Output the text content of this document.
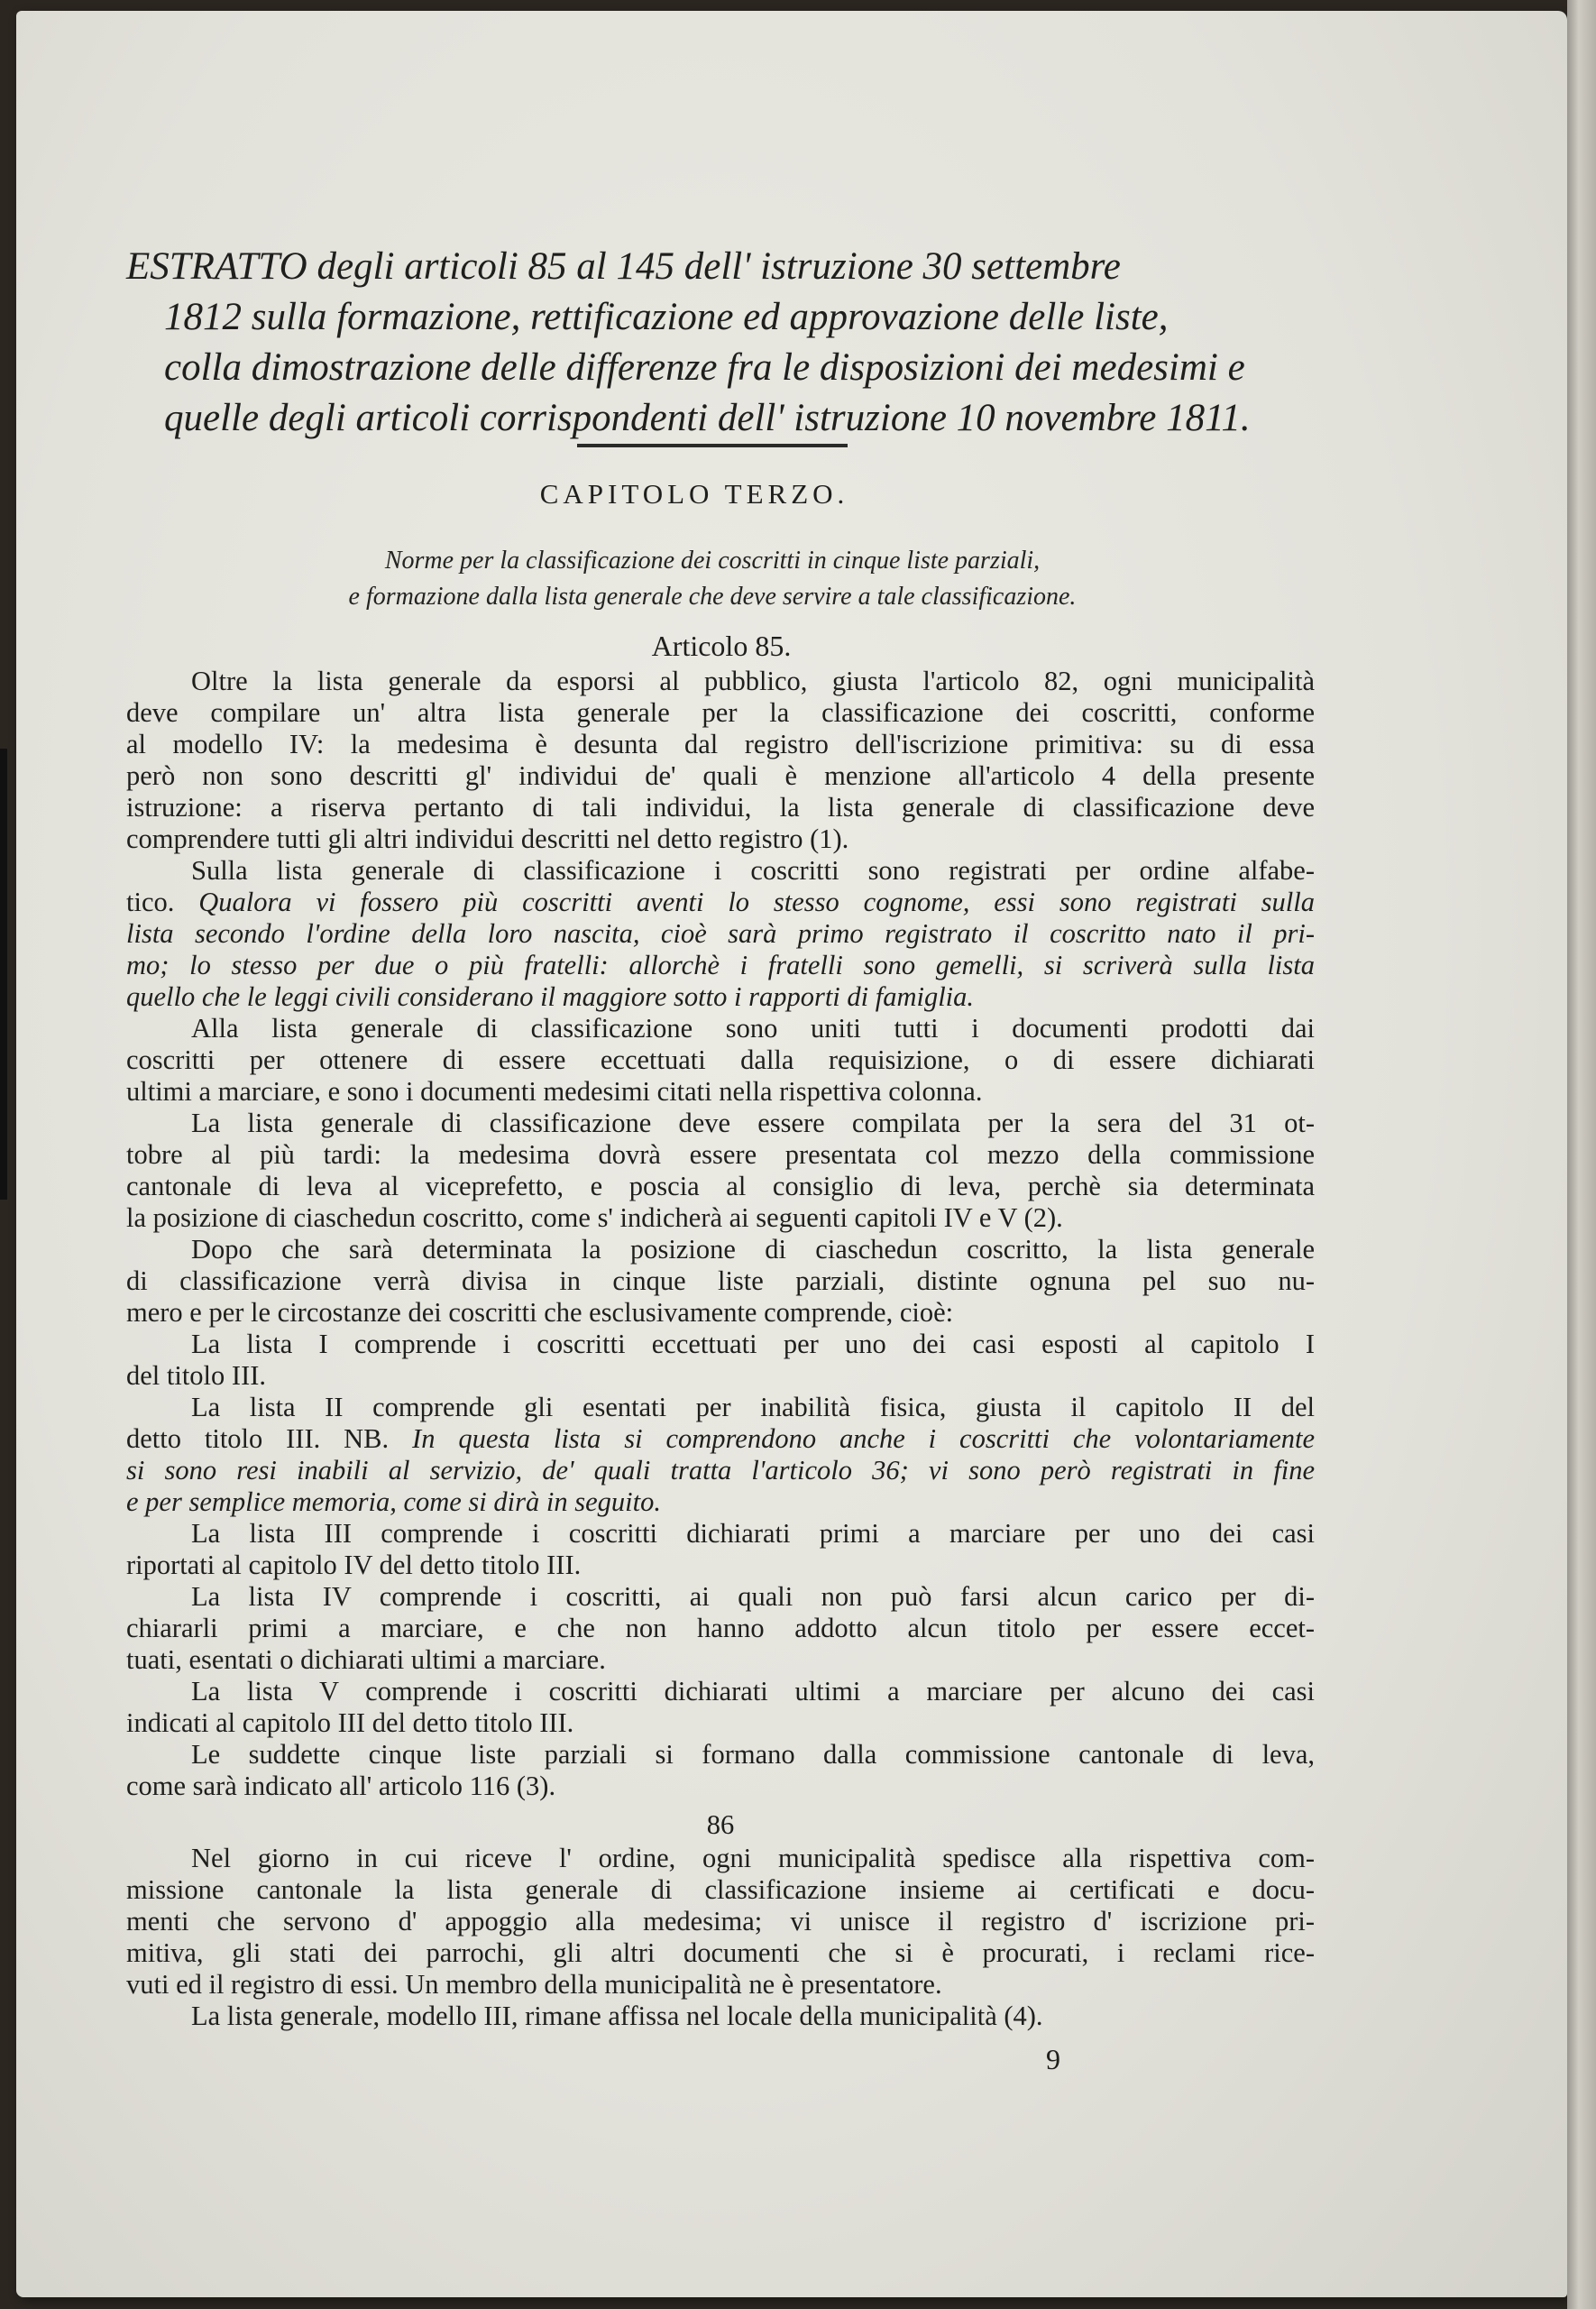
ESTRATTO degli articoli 85 al 145 dell' istruzione 30 settembre
1812 sulla formazione, rettificazione ed approvazione delle liste,
colla dimostrazione delle differenze fra le disposizioni dei medesimi e
quelle degli articoli corrispondenti dell' istruzione 10 novembre 1811.
CAPITOLO TERZO.
Norme per la classificazione dei coscritti in cinque liste parziali,
e formazione dalla lista generale che deve servire a tale classificazione.
Articolo 85.
Oltre la lista generale da esporsi al pubblico, giusta l'articolo 82, ogni municipalità
deve compilare un' altra lista generale per la classificazione dei coscritti, conforme
al modello IV: la medesima è desunta dal registro dell'iscrizione primitiva: su di essa
però non sono descritti gl' individui de' quali è menzione all'articolo 4 della presente
istruzione: a riserva pertanto di tali individui, la lista generale di classificazione deve
comprendere tutti gli altri individui descritti nel detto registro (1).
Sulla lista generale di classificazione i coscritti sono registrati per ordine alfabe-
tico. Qualora vi fossero più coscritti aventi lo stesso cognome, essi sono registrati sulla
lista secondo l'ordine della loro nascita, cioè sarà primo registrato il coscritto nato il pri-
mo; lo stesso per due o più fratelli: allorchè i fratelli sono gemelli, si scriverà sulla lista
quello che le leggi civili considerano il maggiore sotto i rapporti di famiglia.
Alla lista generale di classificazione sono uniti tutti i documenti prodotti dai
coscritti per ottenere di essere eccettuati dalla requisizione, o di essere dichiarati
ultimi a marciare, e sono i documenti medesimi citati nella rispettiva colonna.
La lista generale di classificazione deve essere compilata per la sera del 31 ot-
tobre al più tardi: la medesima dovrà essere presentata col mezzo della commissione
cantonale di leva al viceprefetto, e poscia al consiglio di leva, perchè sia determinata
la posizione di ciaschedun coscritto, come s' indicherà ai seguenti capitoli IV e V (2).
Dopo che sarà determinata la posizione di ciaschedun coscritto, la lista generale
di classificazione verrà divisa in cinque liste parziali, distinte ognuna pel suo nu-
mero e per le circostanze dei coscritti che esclusivamente comprende, cioè:
La lista I comprende i coscritti eccettuati per uno dei casi esposti al capitolo I
del titolo III.
La lista II comprende gli esentati per inabilità fisica, giusta il capitolo II del
detto titolo III. NB. In questa lista si comprendono anche i coscritti che volontariamente
si sono resi inabili al servizio, de' quali tratta l'articolo 36; vi sono però registrati in fine
e per semplice memoria, come si dirà in seguito.
La lista III comprende i coscritti dichiarati primi a marciare per uno dei casi
riportati al capitolo IV del detto titolo III.
La lista IV comprende i coscritti, ai quali non può farsi alcun carico per di-
chiararli primi a marciare, e che non hanno addotto alcun titolo per essere eccet-
tuati, esentati o dichiarati ultimi a marciare.
La lista V comprende i coscritti dichiarati ultimi a marciare per alcuno dei casi
indicati al capitolo III del detto titolo III.
Le suddette cinque liste parziali si formano dalla commissione cantonale di leva,
come sarà indicato all' articolo 116 (3).
86
Nel giorno in cui riceve l' ordine, ogni municipalità spedisce alla rispettiva com-
missione cantonale la lista generale di classificazione insieme ai certificati e docu-
menti che servono d' appoggio alla medesima; vi unisce il registro d' iscrizione pri-
mitiva, gli stati dei parrochi, gli altri documenti che si è procurati, i reclami rice-
vuti ed il registro di essi. Un membro della municipalità ne è presentatore.
La lista generale, modello III, rimane affissa nel locale della municipalità (4).
9
